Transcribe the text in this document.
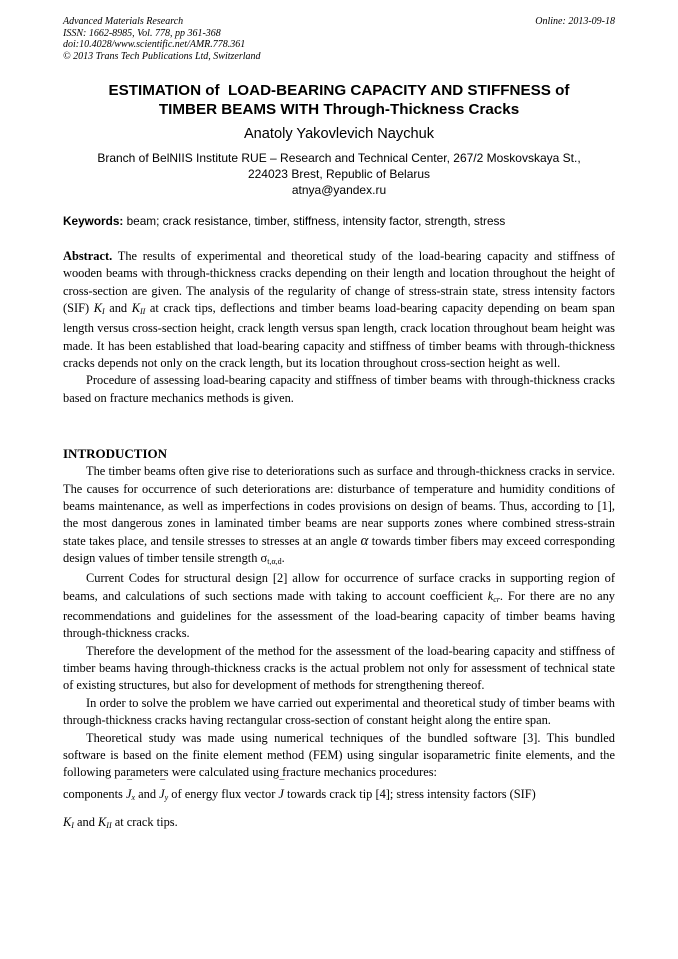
Advanced Materials Research
ISSN: 1662-8985, Vol. 778, pp 361-368
doi:10.4028/www.scientific.net/AMR.778.361
© 2013 Trans Tech Publications Ltd, Switzerland
Online: 2013-09-18
ESTIMATION of  LOAD-BEARING CAPACITY AND STIFFNESS of
TIMBER BEAMS WITH Through-Thickness Cracks
Anatoly Yakovlevich Naychuk
Branch of BelNIIS Institute RUE – Research and Technical Center, 267/2 Moskovskaya St.,
224023 Brest, Republic of Belarus
atnya@yandex.ru
Keywords: beam; crack resistance, timber, stiffness, intensity factor, strength, stress

Abstract. The results of experimental and theoretical study of the load-bearing capacity and stiffness of wooden beams with through-thickness cracks depending on their length and location throughout the height of cross-section are given. The analysis of the regularity of change of stress-strain state, stress intensity factors (SIF) $K_I$ and $K_{II}$ at crack tips, deflections and timber beams load-bearing capacity depending on beam span length versus cross-section height, crack length versus span length, crack location throughout beam height was made. It has been established that load-bearing capacity and stiffness of timber beams with through-thickness cracks depends not only on the crack length, but its location throughout cross-section height as well.

Procedure of assessing load-bearing capacity and stiffness of timber beams with through-thickness cracks based on fracture mechanics methods is given.

INTRODUCTION

The timber beams often give rise to deteriorations such as surface and through-thickness cracks in service. The causes for occurrence of such deteriorations are: disturbance of temperature and humidity conditions of beams maintenance, as well as imperfections in codes provisions on design of beams. Thus, according to [1], the most dangerous zones in laminated timber beams are near supports zones where combined stress-strain state takes place, and tensile stresses to stresses at an angle α towards timber fibers may exceed corresponding design values of timber tensile strength $\sigma_{t,\alpha,d}$.

Current Codes for structural design [2] allow for occurrence of surface cracks in supporting region of beams, and calculations of such sections made with taking to account coefficient $k_{cr}$. For there are no any recommendations and guidelines for the assessment of the load-bearing capacity of timber beams having through-thickness cracks.

Therefore the development of the method for the assessment of the load-bearing capacity and stiffness of timber beams having through-thickness cracks is the actual problem not only for assessment of technical state of existing structures, but also for development of methods for strengthening thereof.

In order to solve the problem we have carried out experimental and theoretical study of timber beams with through-thickness cracks having rectangular cross-section of constant height along the entire span.

Theoretical study was made using numerical techniques of the bundled software [3]. This bundled software is based on the finite element method (FEM) using singular isoparametric finite elements, and the following parameters were calculated using fracture mechanics procedures:

components ¯ $J_x$ and ¯ $J_y$ of energy flux vector ¯ J towards crack tip [4]; stress intensity factors (SIF)
$K_I$ and $K_{II}$ at crack tips.
